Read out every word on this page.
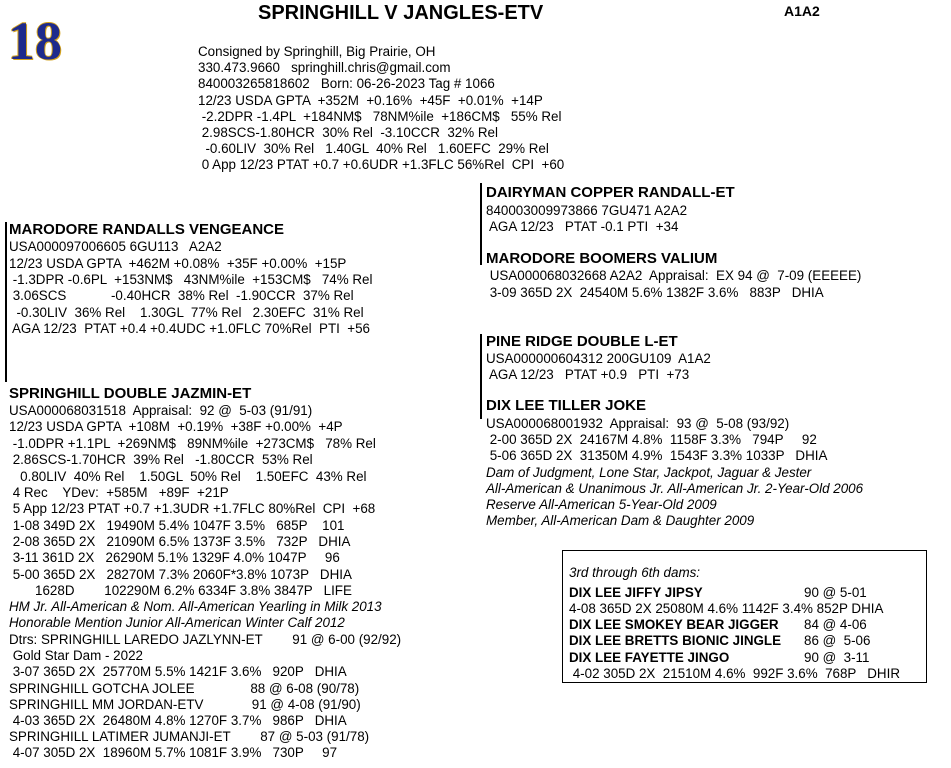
18	SPRINGHILL V JANGLES-ETV	A1A2
Consigned by Springhill, Big Prairie, OH
330.473.9660   springhill.chris@gmail.com
840003265818602   Born: 06-26-2023 Tag # 1066
12/23 USDA GPTA  +352M  +0.16%  +45F  +0.01%  +14P
-2.2DPR -1.4PL  +184NM$   78NM%ile  +186CM$   55% Rel
2.98SCS-1.80HCR  30% Rel  -3.10CCR  32% Rel
-0.60LIV  30% Rel   1.40GL  40% Rel   1.60EFC  29% Rel
0 App 12/23 PTAT +0.7 +0.6UDR +1.3FLC 56%Rel  CPI  +60
MARODORE RANDALLS VENGEANCE
USA000097006605 6GU113   A2A2
12/23 USDA GPTA  +462M +0.08%  +35F +0.00%  +15P
-1.3DPR -0.6PL  +153NM$   43NM%ile  +153CM$   74% Rel
3.06SCS            -0.40HCR  38% Rel  -1.90CCR  37% Rel
-0.30LIV  36% Rel    1.30GL  77% Rel   2.30EFC  31% Rel
AGA 12/23  PTAT +0.4 +0.4UDC +1.0FLC 70%Rel  PTI  +56
DAIRYMAN COPPER RANDALL-ET
840003009973866 7GU471 A2A2
AGA 12/23   PTAT -0.1 PTI  +34
MARODORE BOOMERS VALIUM
USA000068032668 A2A2  Appraisal:  EX 94 @  7-09 (EEEEE)
3-09 365D 2X  24540M 5.6% 1382F 3.6%   883P   DHIA
PINE RIDGE DOUBLE L-ET
USA000000604312 200GU109  A1A2
AGA 12/23   PTAT +0.9   PTI  +73
DIX LEE TILLER JOKE
USA000068001932  Appraisal:  93 @  5-08 (93/92)
2-00 365D 2X  24167M 4.8%  1158F 3.3%   794P     92
5-06 365D 2X  31350M 4.9%  1543F 3.3% 1033P   DHIA
Dam of Judgment, Lone Star, Jackpot, Jaguar & Jester
All-American & Unanimous Jr. All-American Jr. 2-Year-Old 2006
Reserve All-American 5-Year-Old 2009
Member, All-American Dam & Daughter 2009
SPRINGHILL DOUBLE JAZMIN-ET
USA000068031518  Appraisal:  92 @  5-03 (91/91)
12/23 USDA GPTA  +108M  +0.19%  +38F +0.00%  +4P
-1.0DPR +1.1PL  +269NM$   89NM%ile  +273CM$   78% Rel
2.86SCS-1.70HCR  39% Rel   -1.80CCR  53% Rel
0.80LIV  40% Rel    1.50GL  50% Rel    1.50EFC  43% Rel
4 Rec    YDev:  +585M   +89F  +21P
5 App 12/23 PTAT +0.7 +1.3UDR +1.7FLC 80%Rel  CPI  +68
1-08 349D 2X   19490M 5.4% 1047F 3.5%   685P    101
2-08 365D 2X   21090M 6.5% 1373F 3.5%   732P   DHIA
3-11 361D 2X   26290M 5.1% 1329F 4.0% 1047P     96
5-00 365D 2X   28270M 7.3% 2060F*3.8% 1073P   DHIA
1628D        102290M 6.2% 6334F 3.8% 3847P   LIFE
HM Jr. All-American & Nom. All-American Yearling in Milk 2013
Honorable Mention Junior All-American Winter Calf 2012
Dtrs: SPRINGHILL LAREDO JAZLYNN-ET        91 @ 6-00 (92/92)
Gold Star Dam - 2022
3-07 365D 2X  25770M 5.5% 1421F 3.6%   920P   DHIA
SPRINGHILL GOTCHA JOLEE               88 @ 6-08 (90/78)
SPRINGHILL MM JORDAN-ETV             91 @ 4-08 (91/90)
4-03 365D 2X  26480M 4.8% 1270F 3.7%   986P   DHIA
SPRINGHILL LATIMER JUMANJI-ET        87 @ 5-03 (91/78)
4-07 305D 2X  18960M 5.7% 1081F 3.9%   730P     97
3rd through 6th dams:
DIX LEE JIFFY JIPSY	90 @ 5-01
4-08 365D 2X 25080M 4.6% 1142F 3.4% 852P DHIA
DIX LEE SMOKEY BEAR JIGGER 84 @ 4-06
DIX LEE BRETTS BIONIC JINGLE 86 @  5-06
DIX LEE FAYETTE JINGO	90 @  3-11
4-02 305D 2X  21510M 4.6%  992F 3.6%  768P   DHIR
